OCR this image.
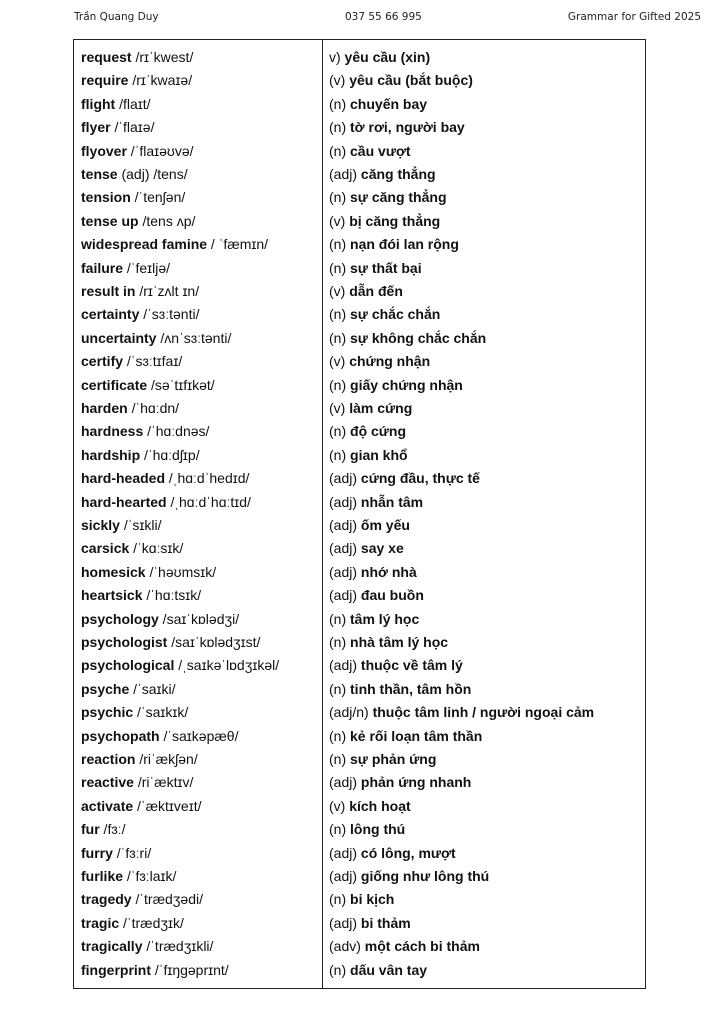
Trần Quang Duy	037 55 66 995	Grammar for Gifted 2025
request /rɪˈkwest/	v) yêu cầu (xin)
require /rɪˈkwaɪə/	(v) yêu cầu (bắt buộc)
flight /flaɪt/	(n) chuyến bay
flyer /ˈflaɪə/	(n) tờ rơi, người bay
flyover /ˈflaɪəʊvə/	(n) cầu vượt
tense (adj) /tens/	(adj) căng thẳng
tension /ˈtenʃən/	(n) sự căng thẳng
tense up /tens ʌp/	(v) bị căng thẳng
widespread famine / ˈfæmɪn/	(n) nạn đói lan rộng
failure /ˈfeɪljə/	(n) sự thất bại
result in /rɪˈzʌlt ɪn/	(v) dẫn đến
certainty /ˈsɜːtənti/	(n) sự chắc chắn
uncertainty /ʌnˈsɜːtənti/	(n) sự không chắc chắn
certify /ˈsɜːtɪfaɪ/	(v) chứng nhận
certificate /səˈtɪfɪkət/	(n) giấy chứng nhận
harden /ˈhɑːdn/	(v) làm cứng
hardness /ˈhɑːdnəs/	(n) độ cứng
hardship /ˈhɑːdʃɪp/	(n) gian khổ
hard-headed /ˌhɑːdˈhedɪd/	(adj) cứng đầu, thực tế
hard-hearted /ˌhɑːdˈhɑːtɪd/	(adj) nhẫn tâm
sickly /ˈsɪkli/	(adj) ốm yếu
carsick /ˈkɑːsɪk/	(adj) say xe
homesick /ˈhəʊmsɪk/	(adj) nhớ nhà
heartsick /ˈhɑːtsɪk/	(adj) đau buồn
psychology /saɪˈkɒlədʒi/	(n) tâm lý học
psychologist /saɪˈkɒlədʒɪst/	(n) nhà tâm lý học
psychological /ˌsaɪkəˈlɒdʒɪkəl/	(adj) thuộc về tâm lý
psyche /ˈsaɪki/	(n) tinh thần, tâm hồn
psychic /ˈsaɪkɪk/	(adj/n) thuộc tâm linh / người ngoại cảm
psychopath /ˈsaɪkəpæθ/	(n) kẻ rối loạn tâm thần
reaction /riˈækʃən/	(n) sự phản ứng
reactive /riˈæktɪv/	(adj) phản ứng nhanh
activate /ˈæktɪveɪt/	(v) kích hoạt
fur /fɜː/	(n) lông thú
furry /ˈfɜːri/	(adj) có lông, mượt
furlike /ˈfɜːlaɪk/	(adj) giống như lông thú
tragedy /ˈtrædʒədi/	(n) bi kịch
tragic /ˈtrædʒɪk/	(adj) bi thảm
tragically /ˈtrædʒɪkli/	(adv) một cách bi thảm
fingerprint /ˈfɪŋɡəprɪnt/	(n) dấu vân tay
